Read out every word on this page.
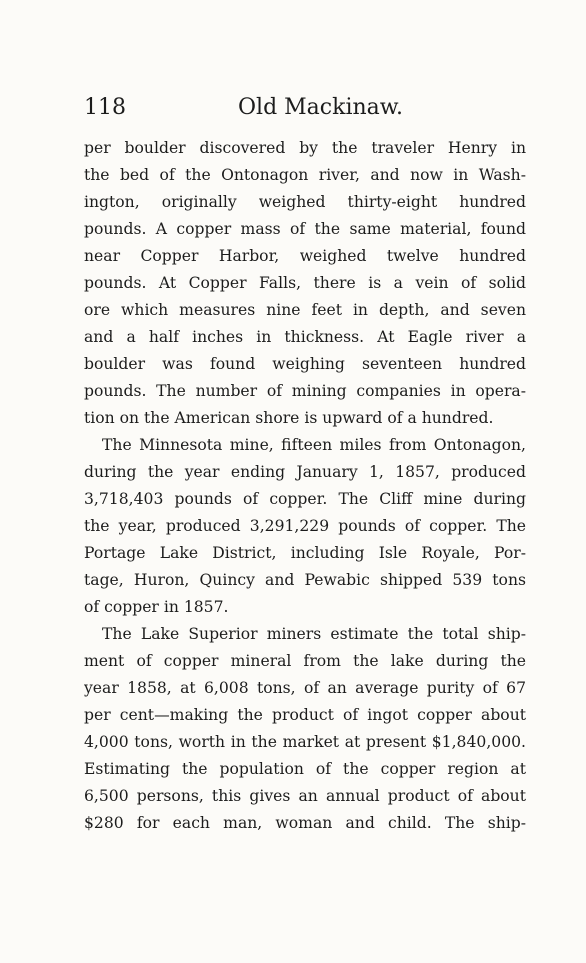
118	Old Mackinaw.
per boulder discovered by the traveler Henry in
the bed of the Ontonagon river, and now in Wash-
ington, originally weighed thirty-eight hundred
pounds. A copper mass of the same material, found
near Copper Harbor, weighed twelve hundred
pounds. At Copper Falls, there is a vein of solid
ore which measures nine feet in depth, and seven
and a half inches in thickness. At Eagle river a
boulder was found weighing seventeen hundred
pounds. The number of mining companies in opera-
tion on the American shore is upward of a hundred.
The Minnesota mine, fifteen miles from Ontonagon,
during the year ending January 1, 1857, produced
3,718,403 pounds of copper. The Cliff mine during
the year, produced 3,291,229 pounds of copper. The
Portage Lake District, including Isle Royale, Por-
tage, Huron, Quincy and Pewabic shipped 539 tons
of copper in 1857.
The Lake Superior miners estimate the total ship-
ment of copper mineral from the lake during the
year 1858, at 6,008 tons, of an average purity of 67
per cent—making the product of ingot copper about
4,000 tons, worth in the market at present $1,840,000.
Estimating the population of the copper region at
6,500 persons, this gives an annual product of about
$280 for each man, woman and child. The ship-
